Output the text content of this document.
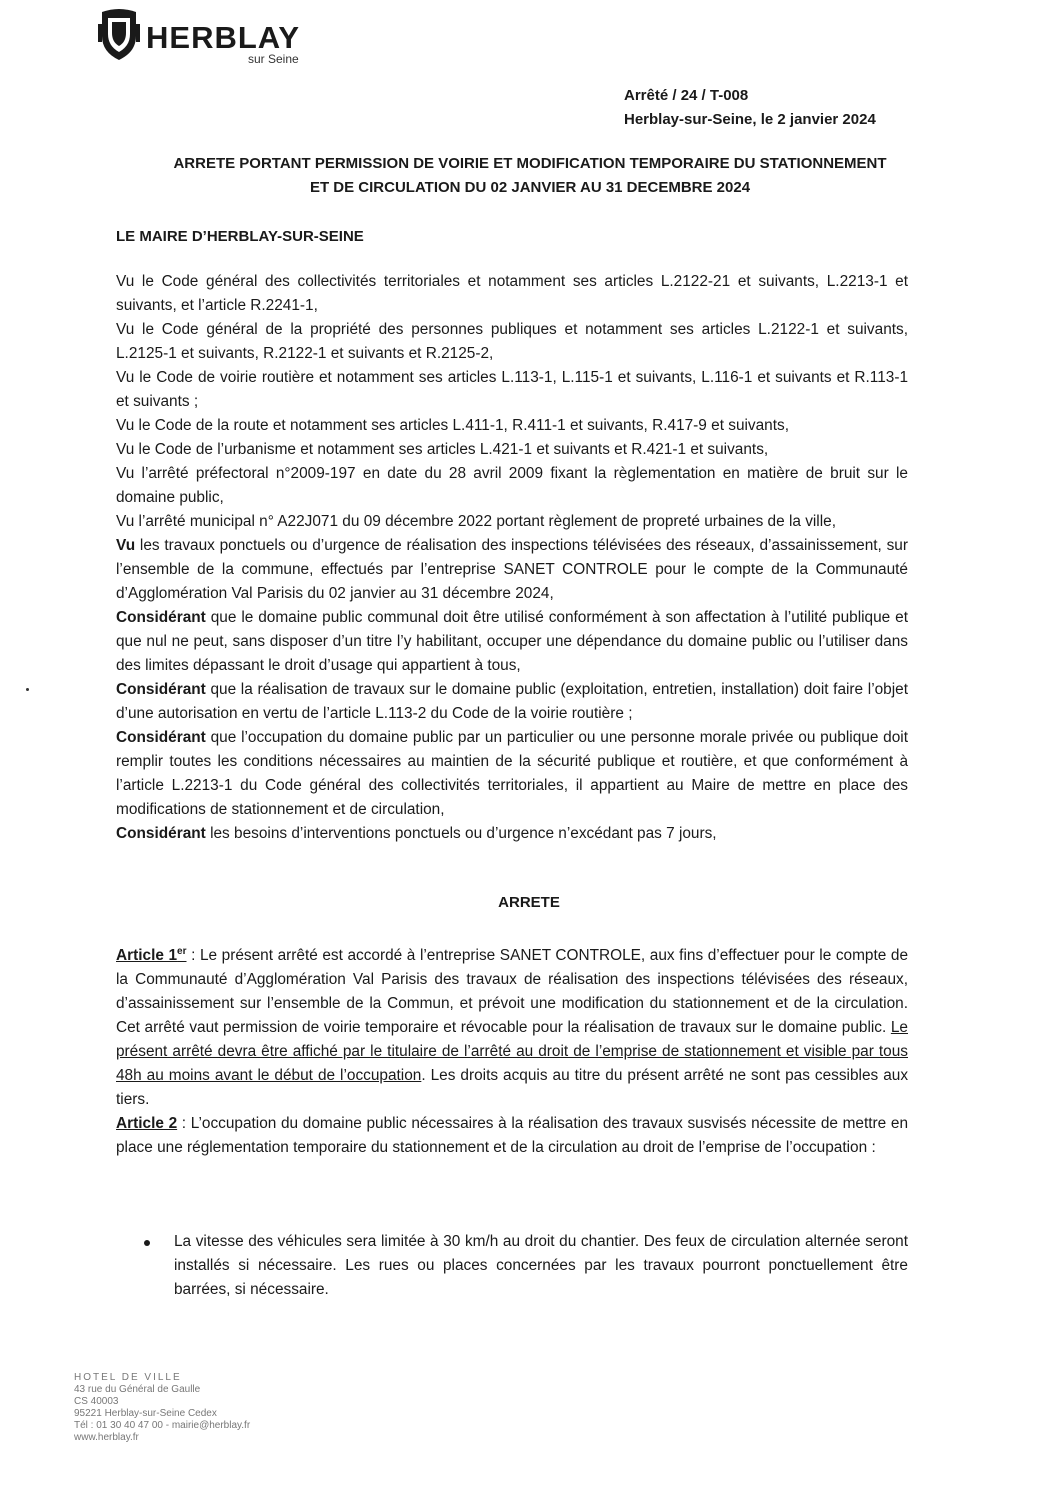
HERBLAY
sur Seine
Arrêté / 24 / T-008
Herblay-sur-Seine, le 2 janvier 2024
ARRETE PORTANT PERMISSION DE VOIRIE ET MODIFICATION TEMPORAIRE DU STATIONNEMENT
ET DE CIRCULATION DU 02 JANVIER AU 31 DECEMBRE 2024
LE MAIRE D’HERBLAY-SUR-SEINE

Vu le Code général des collectivités territoriales et notamment ses articles L.2122-21 et suivants, L.2213-1 et suivants, et l’article R.2241-1,

Vu le Code général de la propriété des personnes publiques et notamment ses articles L.2122-1 et suivants, L.2125-1 et suivants, R.2122-1 et suivants et R.2125-2,

Vu le Code de voirie routière et notamment ses articles L.113-1, L.115-1 et suivants, L.116-1 et suivants et R.113-1 et suivants ;

Vu le Code de la route et notamment ses articles L.411-1, R.411-1 et suivants, R.417-9 et suivants,

Vu le Code de l’urbanisme et notamment ses articles L.421-1 et suivants et R.421-1 et suivants,

Vu l’arrêté préfectoral n°2009-197 en date du 28 avril 2009 fixant la règlementation en matière de bruit sur le domaine public,

Vu l’arrêté municipal n° A22J071 du 09 décembre 2022 portant règlement de propreté urbaines de la ville,

Vu les travaux ponctuels ou d’urgence de réalisation des inspections télévisées des réseaux, d’assainissement, sur l’ensemble de la commune, effectués par l’entreprise SANET CONTROLE pour le compte de la Communauté d’Agglomération Val Parisis du 02 janvier au 31 décembre 2024,

Considérant que le domaine public communal doit être utilisé conformément à son affectation à l’utilité publique et que nul ne peut, sans disposer d’un titre l’y habilitant, occuper une dépendance du domaine public ou l’utiliser dans des limites dépassant le droit d’usage qui appartient à tous,

Considérant que la réalisation de travaux sur le domaine public (exploitation, entretien, installation) doit faire l’objet d’une autorisation en vertu de l’article L.113-2 du Code de la voirie routière ;

Considérant que l’occupation du domaine public par un particulier ou une personne morale privée ou publique doit remplir toutes les conditions nécessaires au maintien de la sécurité publique et routière, et que conformément à l’article L.2213-1 du Code général des collectivités territoriales, il appartient au Maire de mettre en place des modifications de stationnement et de circulation,

Considérant les besoins d’interventions ponctuels ou d’urgence n’excédant pas 7 jours,

ARRETE

Article 1er : Le présent arrêté est accordé à l’entreprise SANET CONTROLE, aux fins d’effectuer pour le compte de la Communauté d’Agglomération Val Parisis des travaux de réalisation des inspections télévisées des réseaux, d’assainissement sur l’ensemble de la Commun, et prévoit une modification du stationnement et de la circulation. Cet arrêté vaut permission de voirie temporaire et révocable pour la réalisation de travaux sur le domaine public. Le présent arrêté devra être affiché par le titulaire de l’arrêté au droit de l’emprise de stationnement et visible par tous 48h au moins avant le début de l’occupation. Les droits acquis au titre du présent arrêté ne sont pas cessibles aux tiers.

Article 2 : L’occupation du domaine public nécessaires à la réalisation des travaux susvisés nécessite de mettre en place une réglementation temporaire du stationnement et de la circulation au droit de l’emprise de l’occupation :

La vitesse des véhicules sera limitée à 30 km/h au droit du chantier. Des feux de circulation alternée seront installés si nécessaire. Les rues ou places concernées par les travaux pourront ponctuellement être barrées, si nécessaire.
HOTEL DE VILLE
43 rue du Général de Gaulle
CS 40003
95221 Herblay-sur-Seine Cedex
Tél : 01 30 40 47 00 - mairie@herblay.fr
www.herblay.fr
